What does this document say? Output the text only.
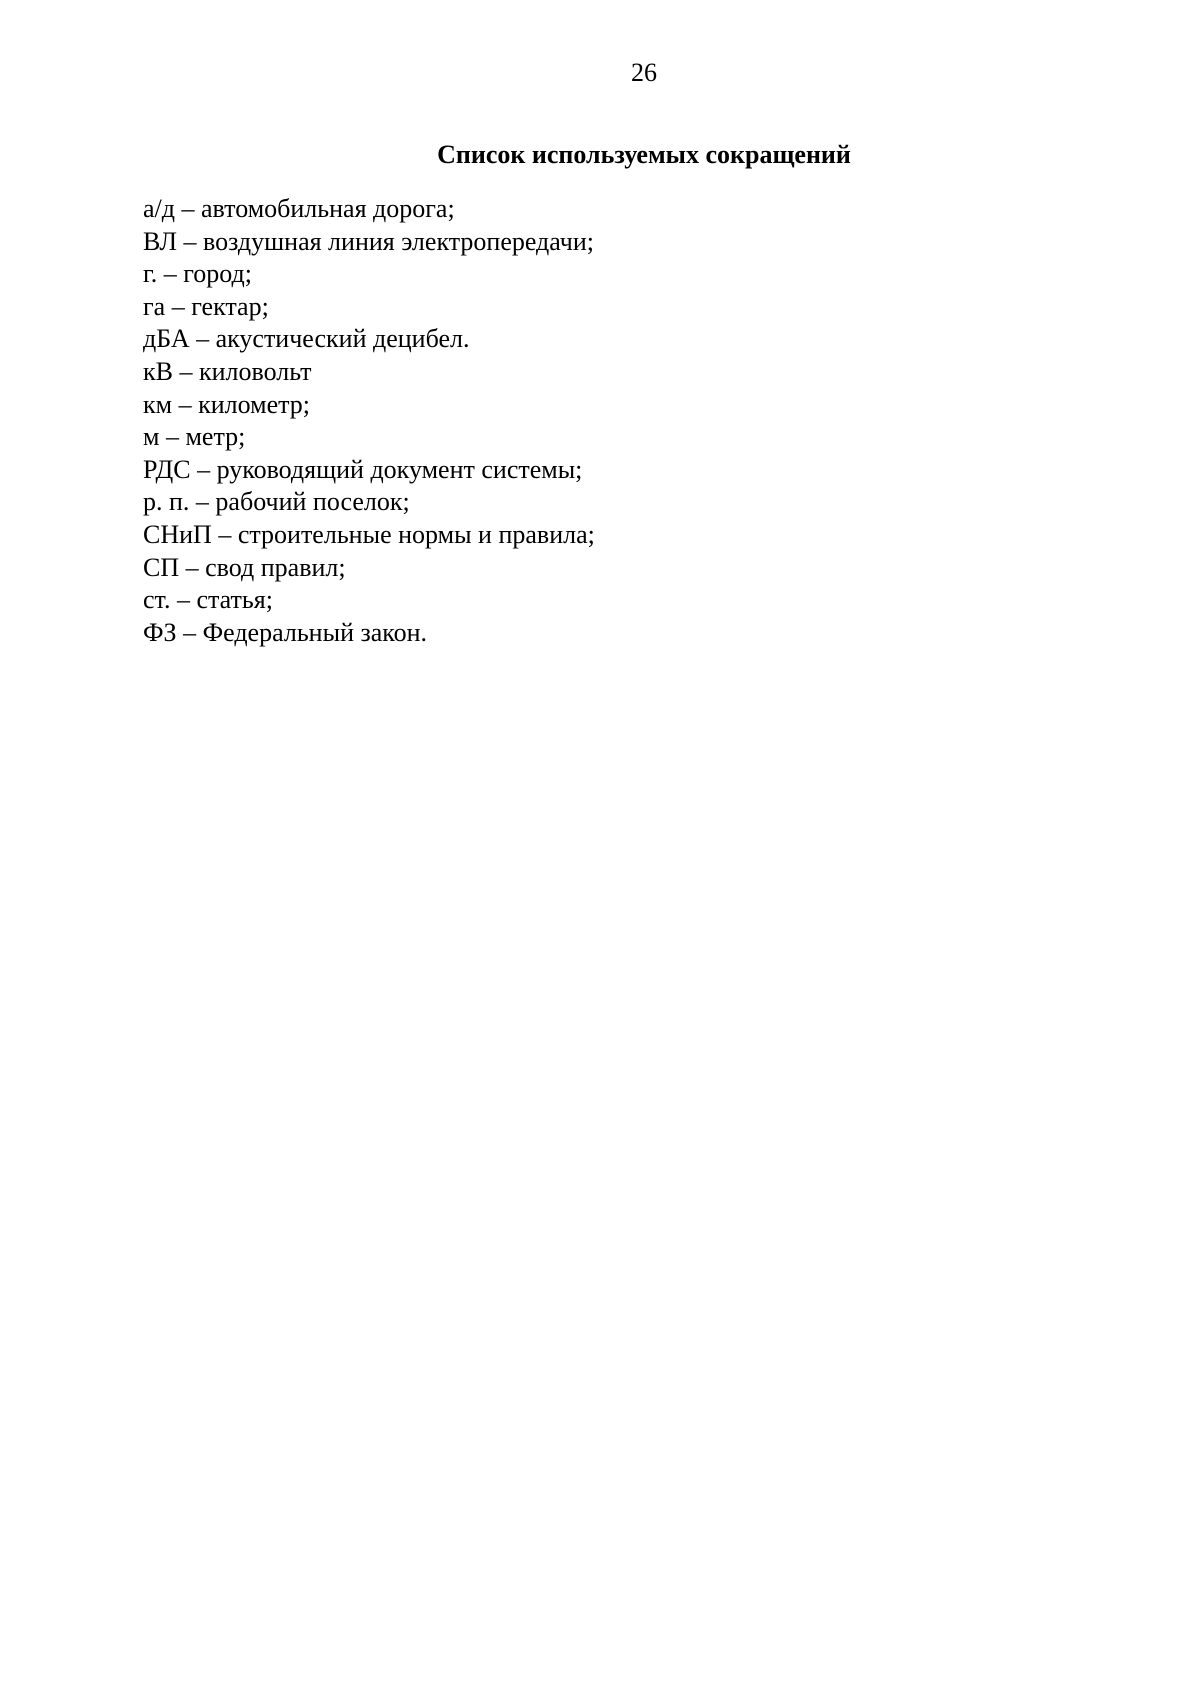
26
Список используемых сокращений
а/д – автомобильная дорога;
ВЛ – воздушная линия электропередачи;
г. – город;
га – гектар;
дБА – акустический децибел.
кВ – киловольт
км – километр;
м – метр;
РДС – руководящий документ системы;
р. п. – рабочий поселок;
СНиП – строительные нормы и правила;
СП – свод правил;
ст. – статья;
ФЗ – Федеральный закон.
